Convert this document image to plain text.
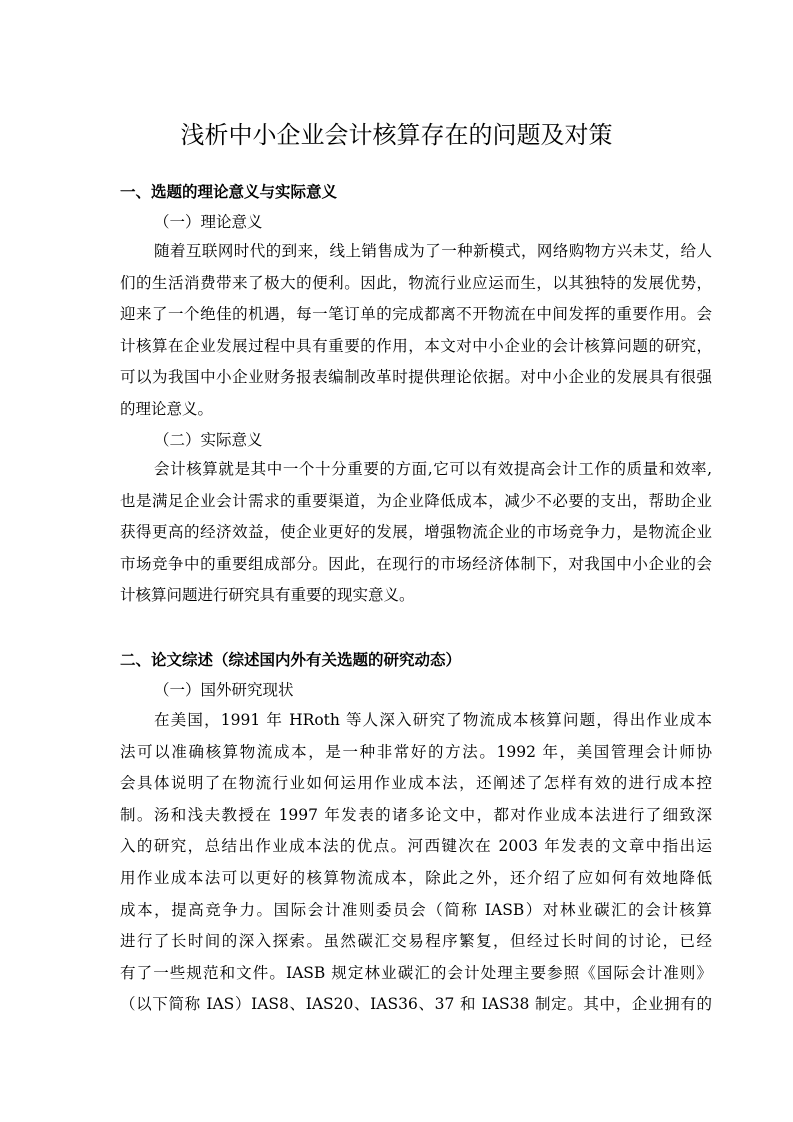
浅析中小企业会计核算存在的问题及对策

一、选题的理论意义与实际意义

（一）理论意义

随着互联网时代的到来，线上销售成为了一种新模式，网络购物方兴未艾，给人
们的生活消费带来了极大的便利。因此，物流行业应运而生，以其独特的发展优势，
迎来了一个绝佳的机遇，每一笔订单的完成都离不开物流在中间发挥的重要作用。会
计核算在企业发展过程中具有重要的作用，本文对中小企业的会计核算问题的研究，
可以为我国中小企业财务报表编制改革时提供理论依据。对中小企业的发展具有很强
的理论意义。

（二）实际意义

会计核算就是其中一个十分重要的方面,它可以有效提高会计工作的质量和效率,
也是满足企业会计需求的重要渠道，为企业降低成本，减少不必要的支出，帮助企业
获得更高的经济效益，使企业更好的发展，增强物流企业的市场竞争力，是物流企业
市场竞争中的重要组成部分。因此，在现行的市场经济体制下，对我国中小企业的会
计核算问题进行研究具有重要的现实意义。

二、论文综述（综述国内外有关选题的研究动态）

（一）国外研究现状

在美国，1991 年 HRoth 等人深入研究了物流成本核算问题，得出作业成本
法可以准确核算物流成本，是一种非常好的方法。1992 年，美国管理会计师协
会具体说明了在物流行业如何运用作业成本法，还阐述了怎样有效的进行成本控
制。汤和浅夫教授在 1997 年发表的诸多论文中，都对作业成本法进行了细致深
入的研究，总结出作业成本法的优点。河西键次在 2003 年发表的文章中指出运
用作业成本法可以更好的核算物流成本，除此之外，还介绍了应如何有效地降低
成本，提高竞争力。国际会计准则委员会（简称 IASB）对林业碳汇的会计核算
进行了长时间的深入探索。虽然碳汇交易程序繁复，但经过长时间的讨论，已经
有了一些规范和文件。IASB 规定林业碳汇的会计处理主要参照《国际会计准则》
（以下简称 IAS）IAS8、IAS20、IAS36、37 和 IAS38 制定。其中，企业拥有的
